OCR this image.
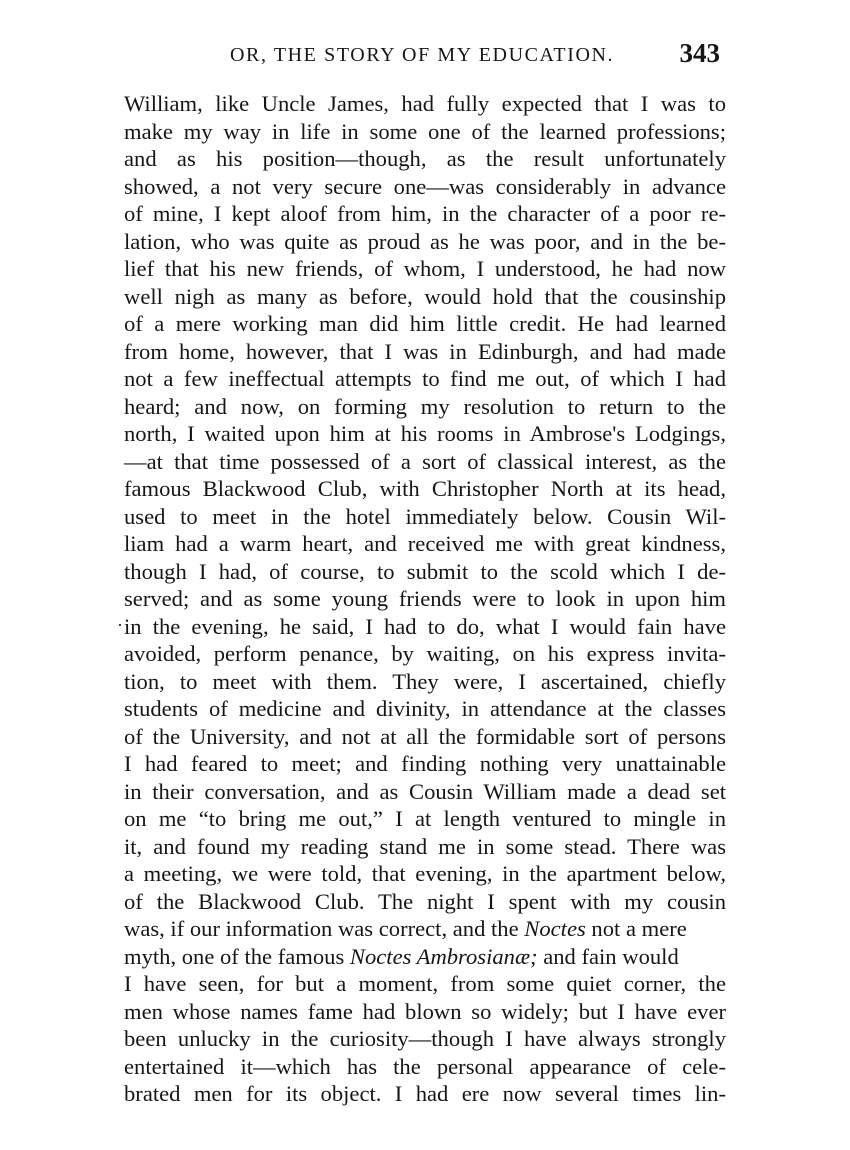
OR, THE STORY OF MY EDUCATION. 343
·
William, like Uncle James, had fully expected that I was to
make my way in life in some one of the learned professions;
and as his position—though, as the result unfortunately
showed, a not very secure one—was considerably in advance
of mine, I kept aloof from him, in the character of a poor re-
lation, who was quite as proud as he was poor, and in the be-
lief that his new friends, of whom, I understood, he had now
well nigh as many as before, would hold that the cousinship
of a mere working man did him little credit. He had learned
from home, however, that I was in Edinburgh, and had made
not a few ineffectual attempts to find me out, of which I had
heard; and now, on forming my resolution to return to the
north, I waited upon him at his rooms in Ambrose's Lodgings,
—at that time possessed of a sort of classical interest, as the
famous Blackwood Club, with Christopher North at its head,
used to meet in the hotel immediately below. Cousin Wil-
liam had a warm heart, and received me with great kindness,
though I had, of course, to submit to the scold which I de-
served; and as some young friends were to look in upon him
in the evening, he said, I had to do, what I would fain have
avoided, perform penance, by waiting, on his express invita-
tion, to meet with them. They were, I ascertained, chiefly
students of medicine and divinity, in attendance at the classes
of the University, and not at all the formidable sort of persons
I had feared to meet; and finding nothing very unattainable
in their conversation, and as Cousin William made a dead set
on me “to bring me out,” I at length ventured to mingle in
it, and found my reading stand me in some stead. There was
a meeting, we were told, that evening, in the apartment below,
of the Blackwood Club. The night I spent with my cousin
was, if our information was correct, and the Noctes not a mere
myth, one of the famous Noctes Ambrosianæ; and fain would
I have seen, for but a moment, from some quiet corner, the
men whose names fame had blown so widely; but I have ever
been unlucky in the curiosity—though I have always strongly
entertained it—which has the personal appearance of cele-
brated men for its object. I had ere now several times lin-
